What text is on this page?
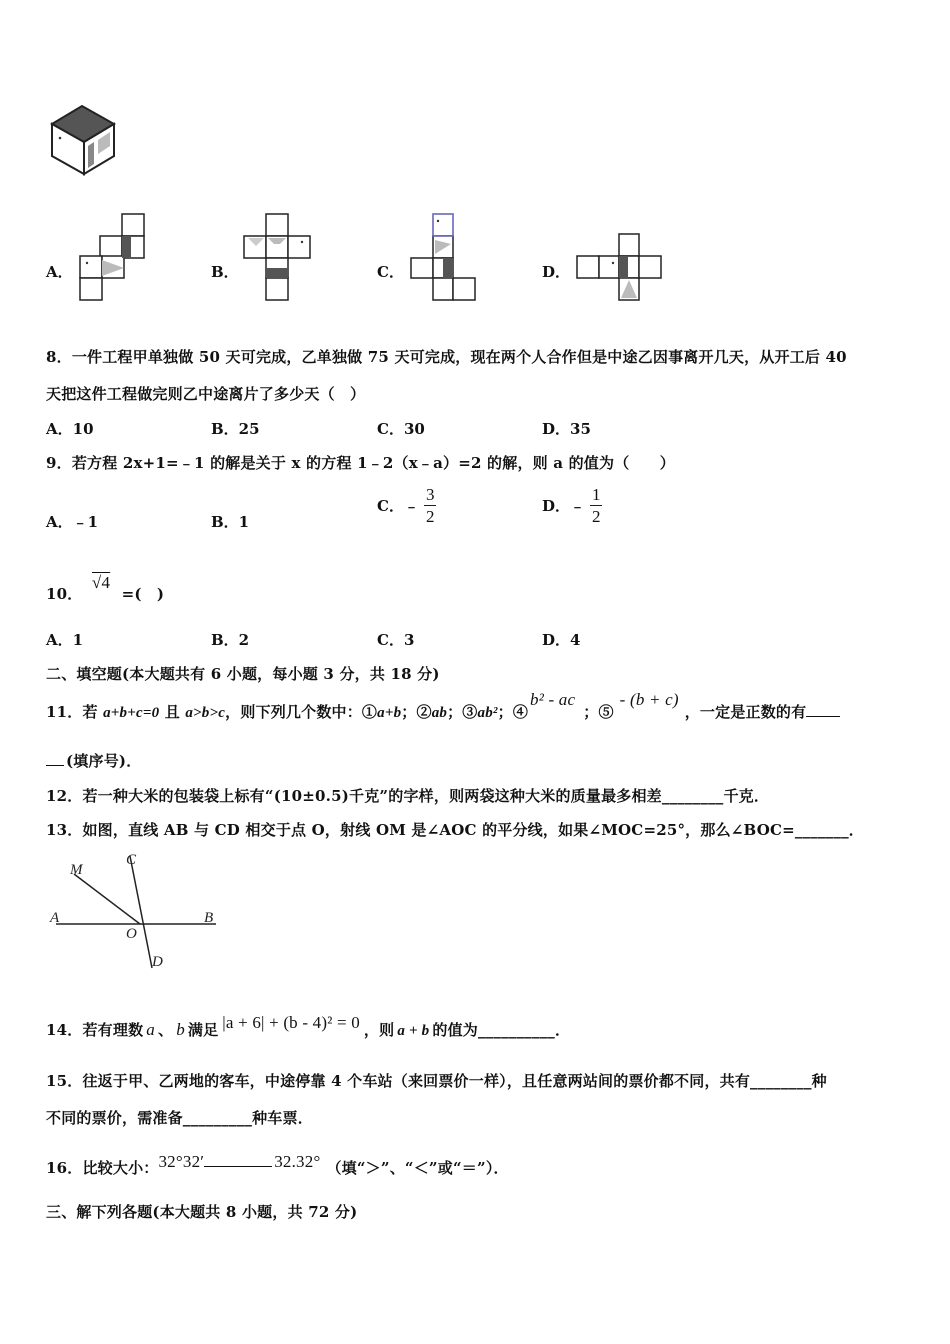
A．	B．	C．	D．
8．一件工程甲单独做 50 天可完成，乙单独做 75 天可完成，现在两个人合作但是中途乙因事离开几天，从开工后 40
天把这件工程做完则乙中途离片了多少天（　）
A．10	B．25	C．30	D．35
9．若方程 2x+1=﹣1 的解是关于 x 的方程 1﹣2（x﹣a）=2 的解，则 a 的值为（　　）
A．﹣1	B．1
C．﹣ $\frac{3}{2}$	D．﹣ $\frac{1}{2}$
10． √4 =(　)
A．1	B．2	C．3	D．4
二、填空题(本大题共有 6 小题，每小题 3 分，共 18 分)
11．若 a+b+c=0 且 a>b>c，则下列几个数中：①a+b；②ab；③ab²；④b² - ac；⑤- (b + c)，一定是正数的有
(填序号)．
12．若一种大米的包装袋上标有“(10±0.5)千克”的字样，则两袋这种大米的质量最多相差________千克．
13．如图，直线 AB 与 CD 相交于点 O，射线 OM 是∠AOC 的平分线，如果∠MOC=25°，那么∠BOC=_______．
M
C
A	B
O
D
14．若有理数 a 、 b 满足 |a + 6| + (b - 4)² = 0 ，则 a + b 的值为__________．
15．往返于甲、乙两地的客车，中途停靠 4 个车站（来回票价一样），且任意两站间的票价都不同，共有________种
不同的票价，需准备_________种车票．
16．比较大小：32°32′	32.32° （填“＞”、“＜”或“＝”）．
三、解下列各题(本大题共 8 小题，共 72 分)
